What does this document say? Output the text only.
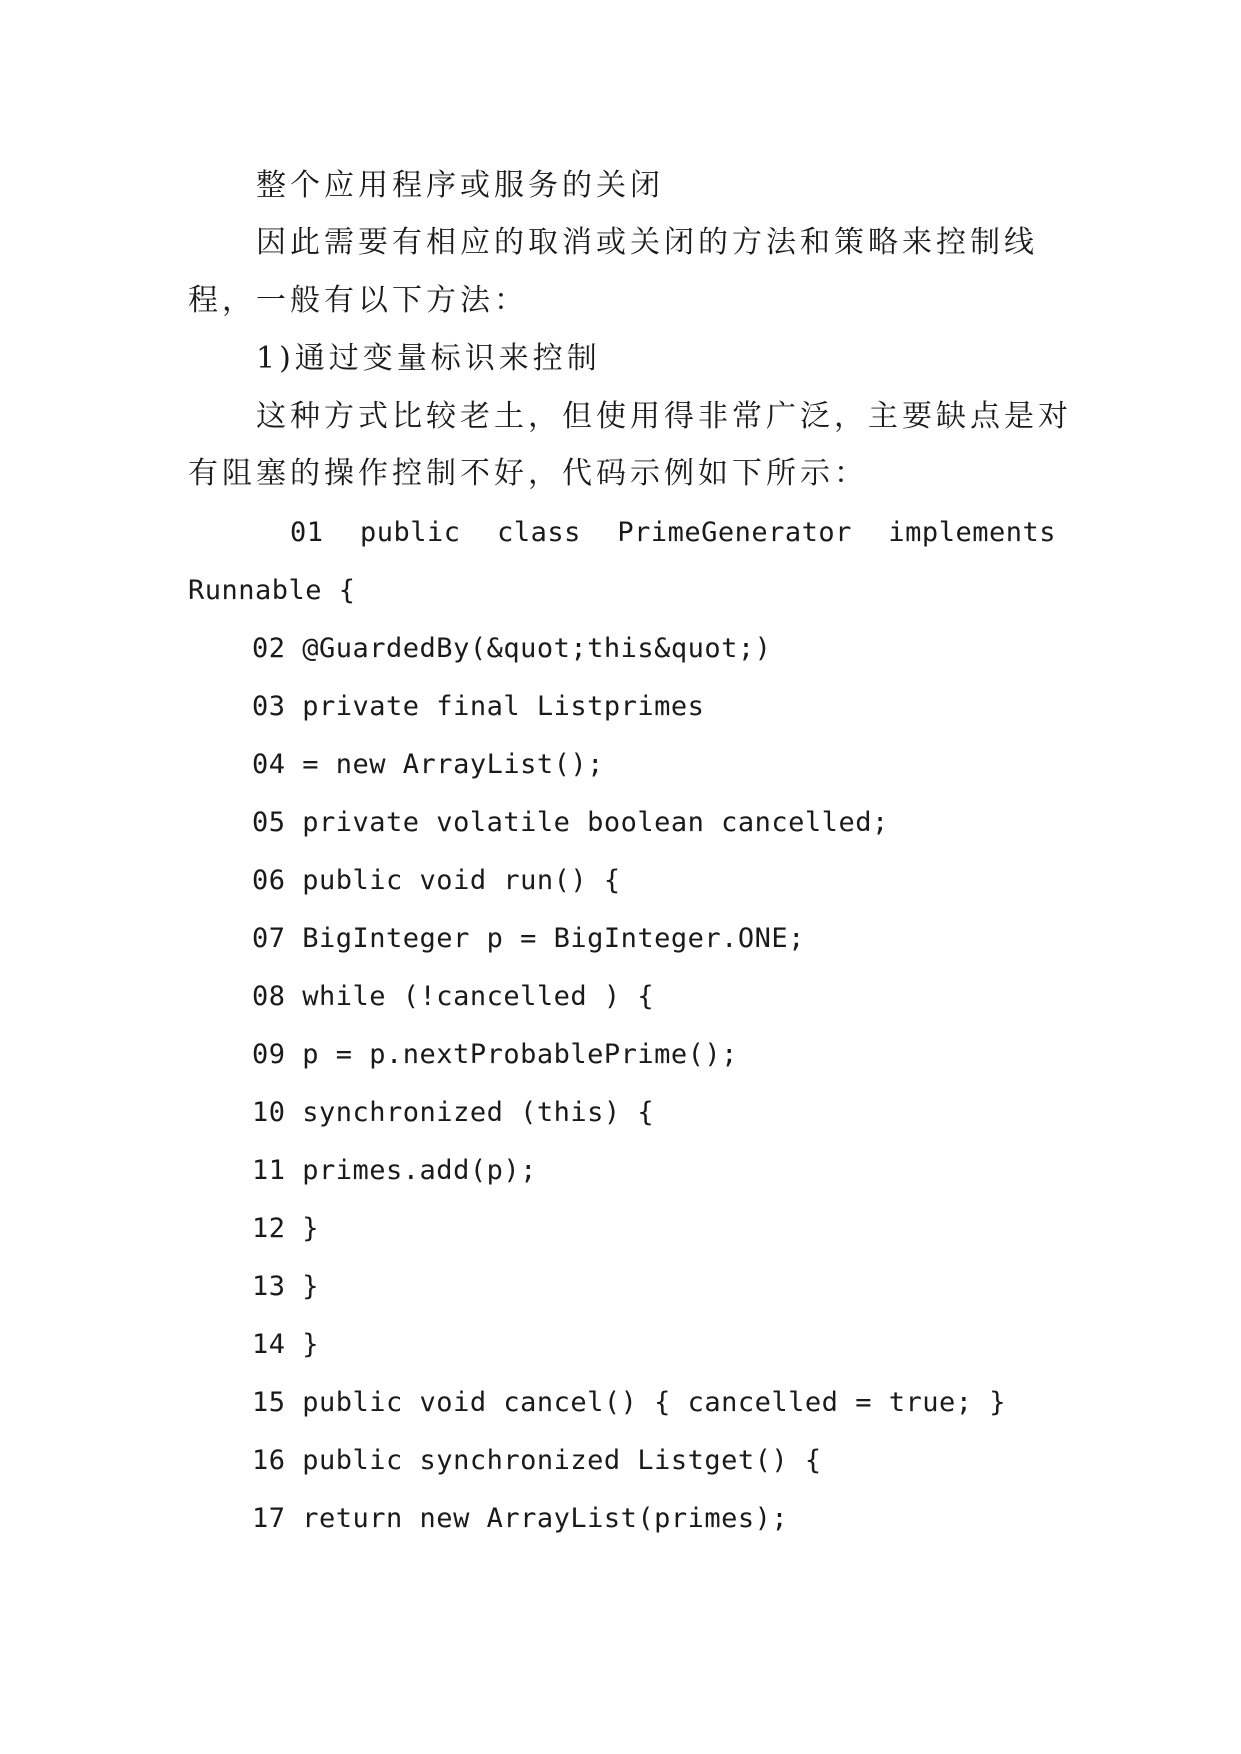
整个应用程序或服务的关闭
因此需要有相应的取消或关闭的方法和策略来控制线
程，一般有以下方法：
1)通过变量标识来控制
这种方式比较老土，但使用得非常广泛，主要缺点是对
有阻塞的操作控制不好，代码示例如下所示：
01 public class PrimeGenerator implements
Runnable {
02 @GuardedBy(&quot;this&quot;)
03 private final Listprimes
04 = new ArrayList();
05 private volatile boolean cancelled;
06 public void run() {
07 BigInteger p = BigInteger.ONE;
08 while (!cancelled ) {
09 p = p.nextProbablePrime();
10 synchronized (this) {
11 primes.add(p);
12 }
13 }
14 }
15 public void cancel() { cancelled = true; }
16 public synchronized Listget() {
17 return new ArrayList(primes);
